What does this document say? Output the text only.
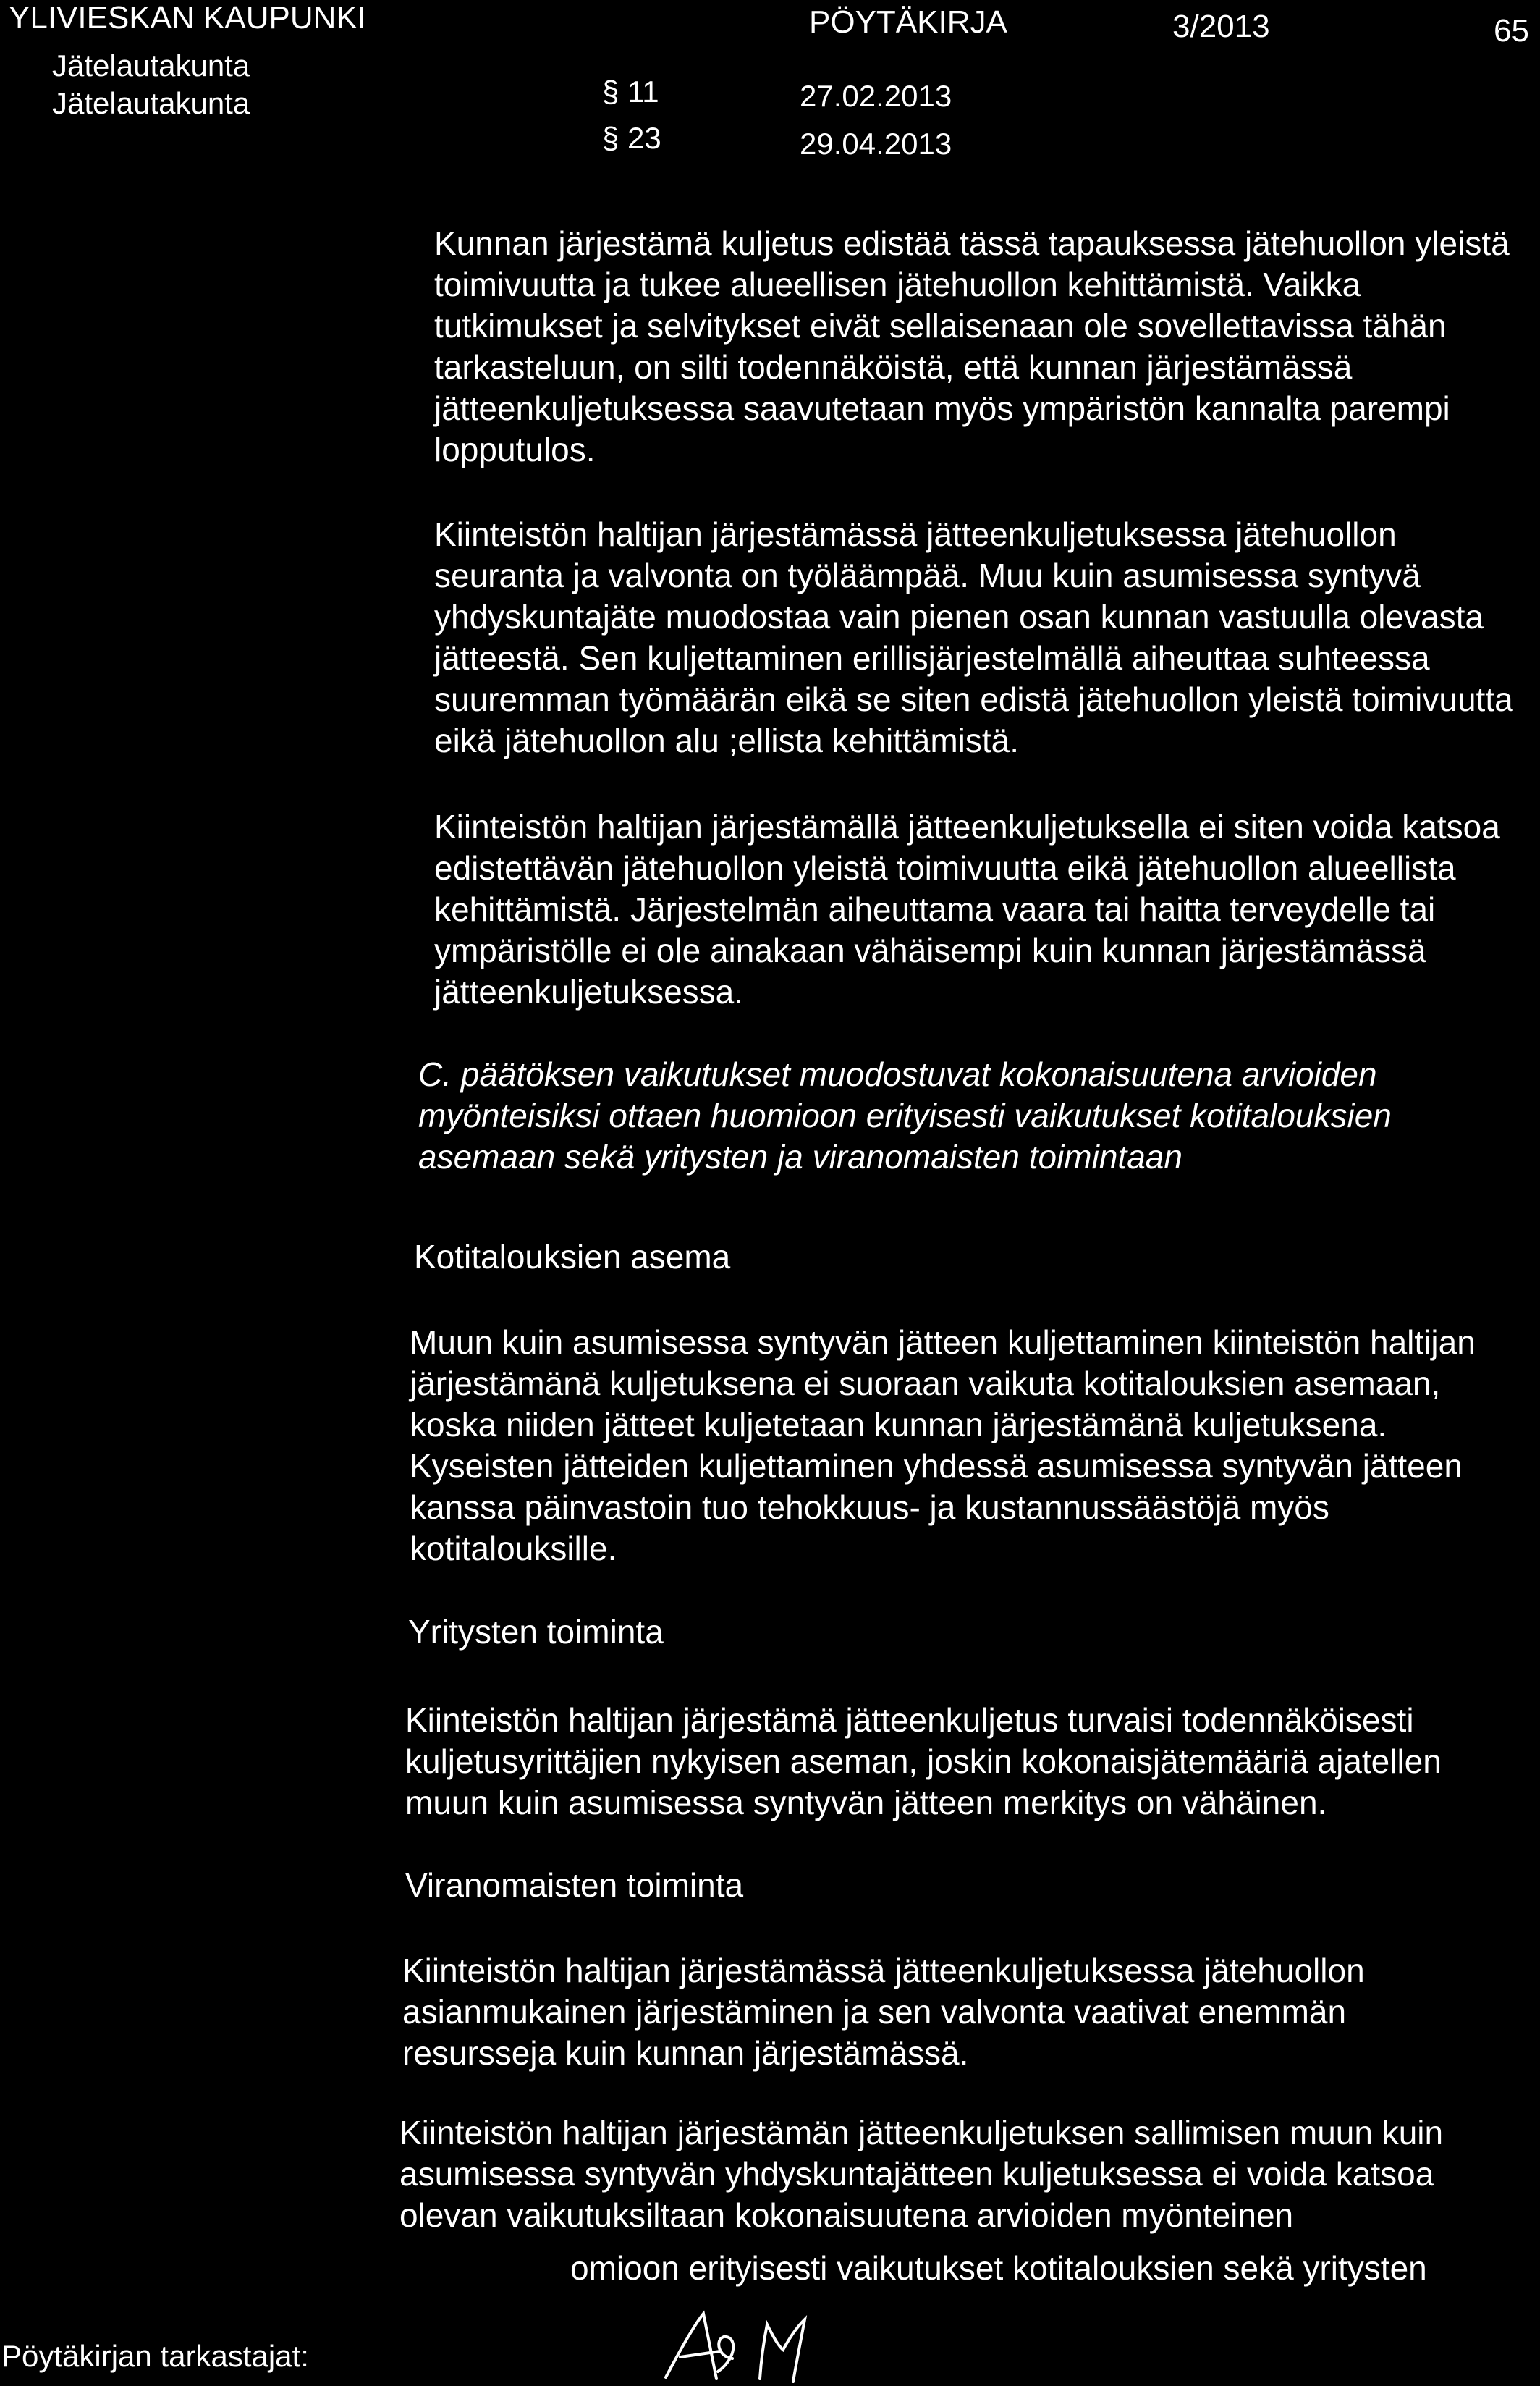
YLIVIESKAN KAUPUNKI	PÖYTÄKIRJA	3/2013	65
Jätelautakunta
§ 11	27.02.2013
Jätelautakunta
§ 23	29.04.2013
Kunnan järjestämä kuljetus edistää tässä tapauksessa jätehuollon yleistä toimivuutta ja tukee alueellisen jätehuollon kehittämistä. Vaikka tutkimukset ja selvitykset eivät sellaisenaan ole sovellettavissa tähän tarkasteluun, on silti todennäköistä, että kunnan järjestämässä jätteenkuljetuksessa saavutetaan myös ympäristön kannalta parempi lopputulos.
Kiinteistön haltijan järjestämässä jätteenkuljetuksessa jätehuollon seuranta ja valvonta on työläämpää. Muu kuin asumisessa syntyvä yhdyskuntajäte muodostaa vain pienen osan kunnan vastuulla olevasta jätteestä. Sen kuljettaminen erillisjärjestelmällä aiheuttaa suhteessa suuremman työmäärän eikä se siten edistä jätehuollon yleistä toimivuutta eikä jätehuollon alu ;ellista kehittämistä.
Kiinteistön haltijan järjestämällä jätteenkuljetuksella ei siten voida katsoa edistettävän jätehuollon yleistä toimivuutta eikä jätehuollon alueellista kehittämistä. Järjestelmän aiheuttama vaara tai haitta terveydelle tai ympäristölle ei ole ainakaan vähäisempi kuin kunnan järjestämässä jätteenkuljetuksessa.
C. päätöksen vaikutukset muodostuvat kokonaisuutena arvioiden myönteisiksi ottaen huomioon erityisesti vaikutukset kotitalouksien asemaan sekä yritysten ja viranomaisten toimintaan
Kotitalouksien asema
Muun kuin asumisessa syntyvän jätteen kuljettaminen kiinteistön haltijan järjestämänä kuljetuksena ei suoraan vaikuta kotitalouksien asemaan, koska niiden jätteet kuljetetaan kunnan järjestämänä kuljetuksena. Kyseisten jätteiden kuljettaminen yhdessä asumisessa syntyvän jätteen kanssa päinvastoin tuo tehokkuus- ja kustannussäästöjä myös kotitalouksille.
Yritysten toiminta
Kiinteistön haltijan järjestämä jätteenkuljetus turvaisi todennäköisesti kuljetusyrittäjien nykyisen aseman, joskin kokonaisjätemääriä ajatellen muun kuin asumisessa syntyvän jätteen merkitys on vähäinen.
Viranomaisten toiminta
Kiinteistön haltijan järjestämässä jätteenkuljetuksessa jätehuollon asianmukainen järjestäminen ja sen valvonta vaativat enemmän resursseja kuin kunnan järjestämässä.
Kiinteistön haltijan järjestämän jätteenkuljetuksen sallimisen muun kuin asumisessa syntyvän yhdyskuntajätteen kuljetuksessa ei voida katsoa olevan vaikutuksiltaan kokonaisuutena arvioiden myönteinen
omioon erityisesti vaikutukset kotitalouksien sekä yritysten
Pöytäkirjan tarkastajat:
